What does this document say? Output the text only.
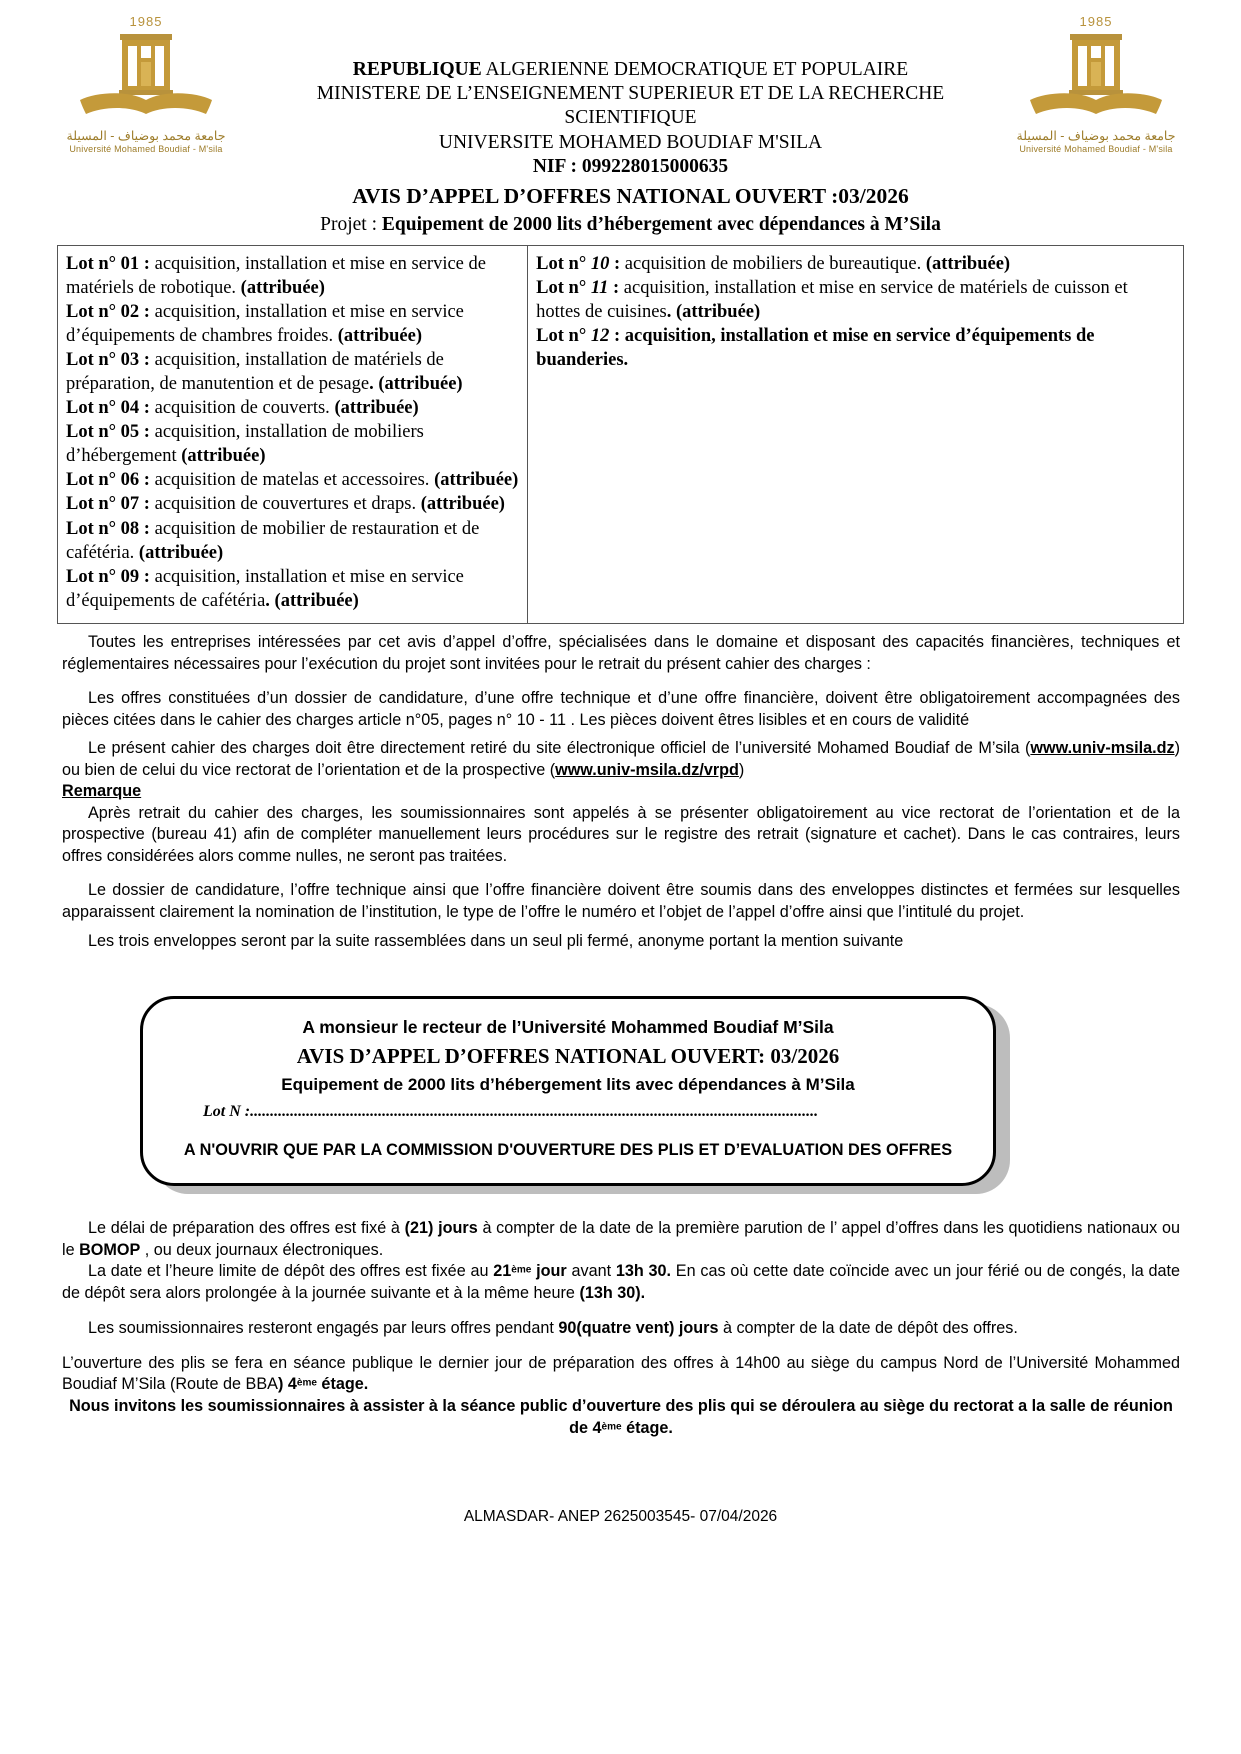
1985
جامعة محمد بوضياف - المسيلة
Université Mohamed Boudiaf - M'sila
1985
جامعة محمد بوضياف - المسيلة
Université Mohamed Boudiaf - M'sila
REPUBLIQUE ALGERIENNE DEMOCRATIQUE ET POPULAIRE
MINISTERE DE L’ENSEIGNEMENT SUPERIEUR ET DE LA RECHERCHE
SCIENTIFIQUE
UNIVERSITE MOHAMED BOUDIAF M'SILA
NIF : 099228015000635
AVIS D’APPEL D’OFFRES NATIONAL OUVERT :03/2026
Projet : Equipement de 2000 lits d’hébergement avec dépendances à M’Sila
Lot n° 01 : acquisition, installation et mise en service de matériels de robotique. (attribuée)
Lot n° 02 : acquisition, installation et mise en service d’équipements de chambres froides. (attribuée)
Lot n° 03 : acquisition, installation de matériels de préparation, de manutention et de pesage. (attribuée)
Lot n° 04 : acquisition de couverts. (attribuée)
Lot n° 05 : acquisition, installation de mobiliers d’hébergement (attribuée)
Lot n° 06 : acquisition de matelas et accessoires. (attribuée)
Lot n° 07 : acquisition de couvertures et draps. (attribuée)
Lot n° 08 : acquisition de mobilier de restauration et de cafétéria. (attribuée)
Lot n° 09 : acquisition, installation et mise en service d’équipements de cafétéria. (attribuée)
Lot n° 10 : acquisition de mobiliers de bureautique. (attribuée)
Lot n° 11 : acquisition, installation et mise en service de matériels de cuisson et hottes de cuisines. (attribuée)
Lot n° 12 : acquisition, installation et mise en service d’équipements de buanderies.

Toutes les entreprises intéressées par cet avis d’appel d’offre, spécialisées dans le domaine et disposant des capacités financières, techniques et réglementaires nécessaires pour l’exécution du projet sont invitées pour le retrait du présent cahier des charges :

Les offres constituées d’un dossier de candidature, d’une offre technique et d’une offre financière, doivent être obligatoirement accompagnées des pièces citées dans le cahier des charges article n°05, pages n° 10 - 11 . Les pièces doivent êtres lisibles et en cours de validité

Le présent cahier des charges doit être directement retiré du site électronique officiel de l’université Mohamed Boudiaf de M’sila (www.univ-msila.dz) ou bien de celui du vice rectorat de l’orientation et de la prospective (www.univ-msila.dz/vrpd)

Remarque

Après retrait du cahier des charges, les soumissionnaires sont appelés à se présenter obligatoirement au vice rectorat de l’orientation et de la prospective (bureau 41) afin de compléter manuellement leurs procédures sur le registre des retrait (signature et cachet). Dans le cas contraires, leurs offres considérées alors comme nulles, ne seront pas traitées.

Le dossier de candidature, l’offre technique ainsi que l’offre financière doivent être soumis dans des enveloppes distinctes et fermées sur lesquelles apparaissent clairement la nomination de l’institution, le type de l’offre le numéro et l’objet de l’appel d’offre ainsi que l’intitulé du projet.

Les trois enveloppes seront par la suite rassemblées dans un seul pli fermé, anonyme portant la mention suivante

A monsieur le recteur de l’Université Mohammed Boudiaf M’Sila
AVIS D’APPEL D’OFFRES NATIONAL OUVERT: 03/2026
Equipement de 2000 lits d’hébergement lits avec dépendances à M’Sila
Lot N :..............................................................................................................................................
A N'OUVRIR QUE PAR LA COMMISSION D'OUVERTURE DES PLIS ET D’EVALUATION DES OFFRES

Le délai de préparation des offres est fixé à (21) jours à compter de la date de la première parution de l’ appel d’offres dans les quotidiens nationaux ou le BOMOP , ou deux journaux électroniques.

La date et l’heure limite de dépôt des offres est fixée au 21ème jour avant 13h 30. En cas où cette date coïncide avec un jour férié ou de congés, la date de dépôt sera alors prolongée à la journée suivante et à la même heure (13h 30).

Les soumissionnaires resteront engagés par leurs offres pendant 90(quatre vent) jours à compter de la date de dépôt des offres.

L’ouverture des plis se fera en séance publique le dernier jour de préparation des offres à 14h00 au siège du campus Nord de l’Université Mohammed Boudiaf M’Sila (Route de BBA) 4ème étage.

Nous invitons les soumissionnaires à assister à la séance public d’ouverture des plis qui se déroulera au siège du rectorat a la salle de réunion de 4ème étage.

ALMASDAR- ANEP 2625003545- 07/04/2026
